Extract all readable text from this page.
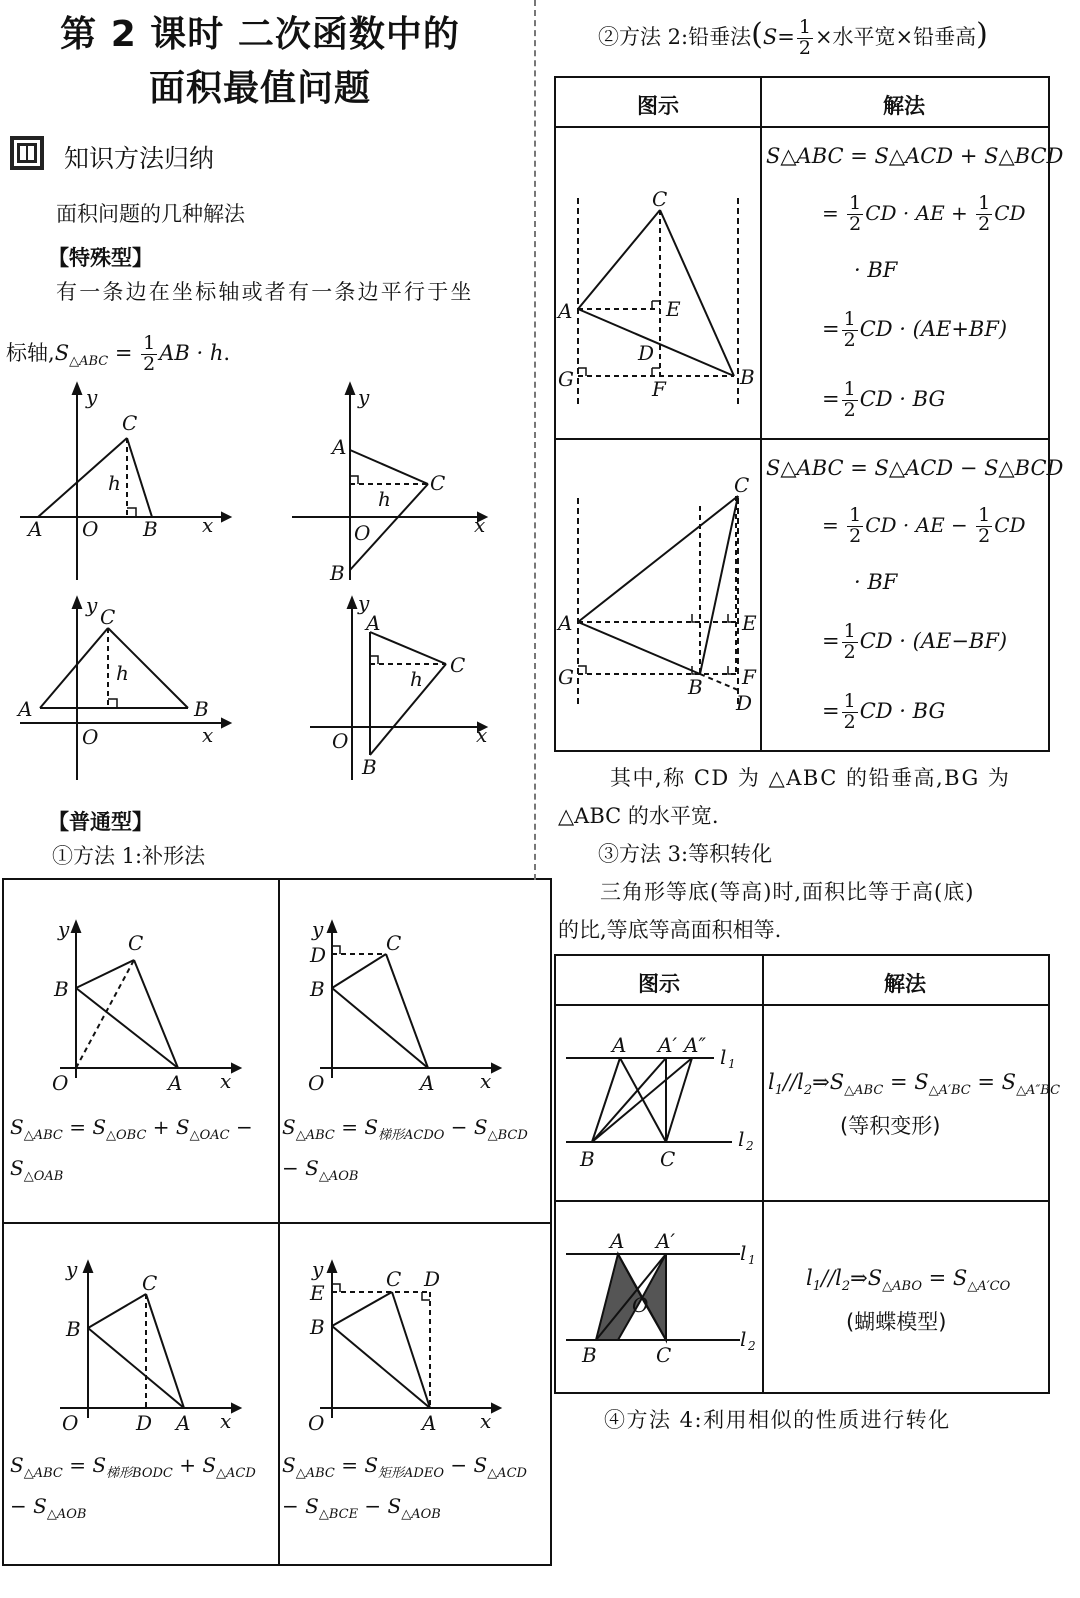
第 2 课时 二次函数中的
面积最值问题
知识方法归纳
面积问题的几种解法
【特殊型】
有一条边在坐标轴或者有一条边平行于坐
标轴$,S_{\triangle ABC} = \frac{1}{2}$ AB · h.
y
C
h
A O B x
y
A
C
h
O
B
x
y C
h
A	B
O	x
y
A
C
h
O
B
x
【普通型】
①方法 1:补形法
y
C
B
O	A x
y
D	C
B
O	A x
$S_{\triangle ABC} = S_{\triangle OBC} + S_{\triangle OAC} - S_{\triangle OAB}$
$S_{\triangle ABC} = S_{梯形ACDO} - S_{\triangle BCD} - S_{\triangle AOB}$
y
C
B
O	D A x
y
E
C D
B
O	A x
$S_{\triangle ABC} = S_{梯形BODC} + S_{\triangle ACD} - S_{\triangle AOB}$
$S_{\triangle ABC} = S_{矩形ADEO} - S_{\triangle ACD} - S_{\triangle BCE} - S_{\triangle AOB}$
②方法 2:铅垂法($S= \frac{1}{2}$ ×水平宽×铅垂高)
图示	解法
C
A	E
D
B
G	F
S△ABC = S△ACD + S△BCD
= $\frac{1}{2}$ CD · AE + $\frac{1}{2}$ CD
· BF
= $\frac{1}{2}$ CD · (AE+BF)
= $\frac{1}{2}$ CD · BG
C
A	E
B F
D
G
S△ABC = S△ACD − S△BCD
= $\frac{1}{2}$ CD · AE − $\frac{1}{2}$ CD
· BF
= $\frac{1}{2}$ CD · (AE−BF)
= $\frac{1}{2}$ CD · BG
其中,称 CD 为 △ABC 的铅垂高,BG 为
△ABC 的水平宽.
③方法 3:等积转化
三角形等底(等高)时,面积比等于高(底)
的比,等底等高面积相等.
图示	解法
A A′ A″ l 1
B	C
l 2
$l_1//l_2\Rightarrow S_{\triangle ABC} = S_{\triangle A'BC} = S_{\triangle A''BC}$
(等积变形)
A A′
O
l 1
B	C
l 2
$l_1//l_2\Rightarrow S_{\triangle ABO} = S_{\triangle A'CO}$
(蝴蝶模型)
④方法 4:利用相似的性质进行转化
